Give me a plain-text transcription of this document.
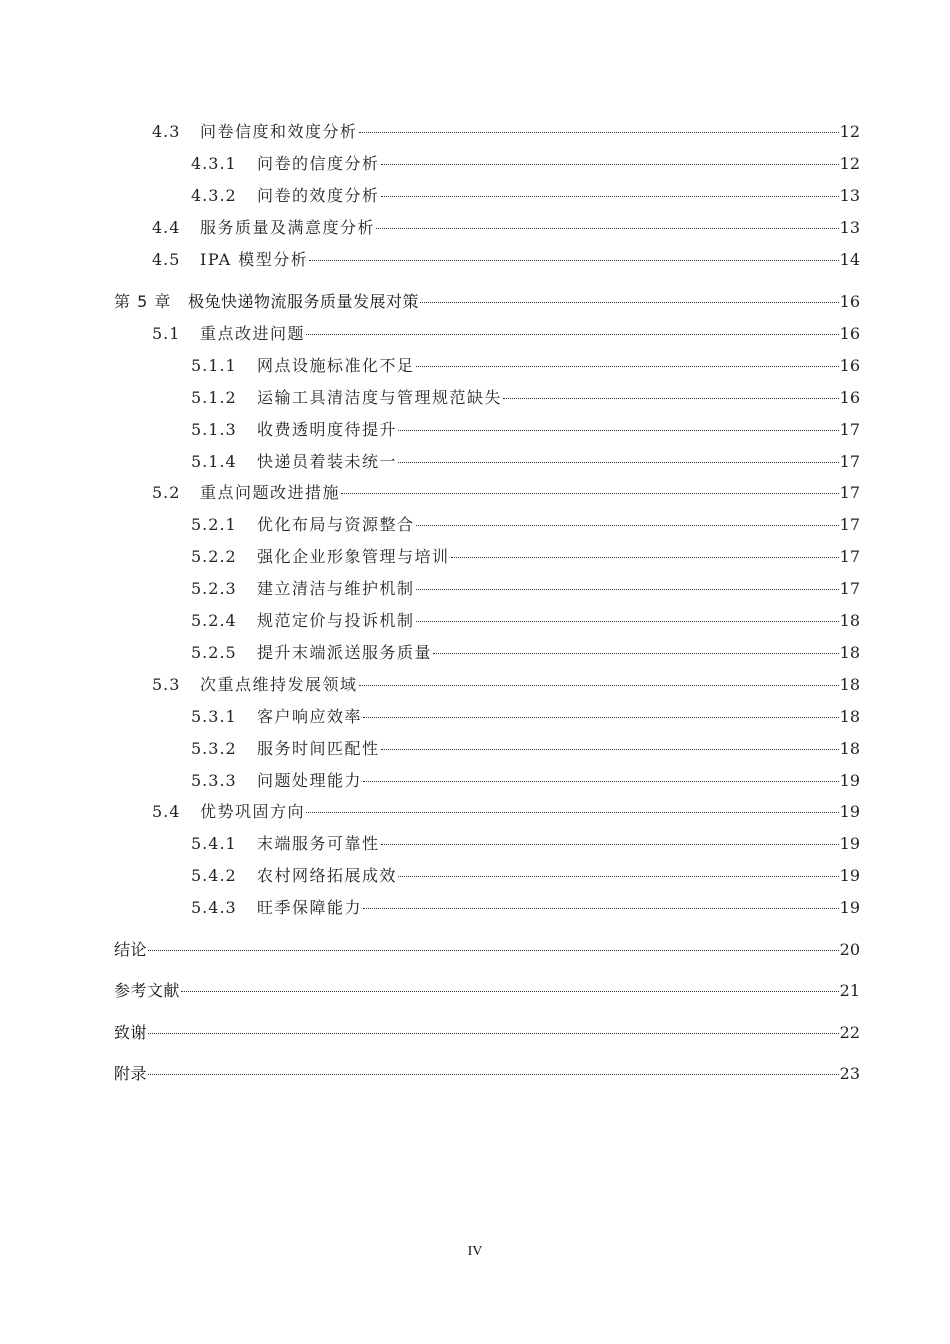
4.3	问卷信度和效度分析	12
4.3.1	问卷的信度分析	12
4.3.2	问卷的效度分析	13
4.4	服务质量及满意度分析	13
4.5	IPA 模型分析	14
第 5 章	极兔快递物流服务质量发展对策	16
5.1	重点改进问题	16
5.1.1	网点设施标准化不足	16
5.1.2	运输工具清洁度与管理规范缺失	16
5.1.3	收费透明度待提升	17
5.1.4	快递员着装未统一	17
5.2	重点问题改进措施	17
5.2.1	优化布局与资源整合	17
5.2.2	强化企业形象管理与培训	17
5.2.3	建立清洁与维护机制	17
5.2.4	规范定价与投诉机制	18
5.2.5	提升末端派送服务质量	18
5.3	次重点维持发展领域	18
5.3.1	客户响应效率	18
5.3.2	服务时间匹配性	18
5.3.3	问题处理能力	19
5.4	优势巩固方向	19
5.4.1	末端服务可靠性	19
5.4.2	农村网络拓展成效	19
5.4.3	旺季保障能力	19
结论	20
参考文献	21
致谢	22
附录	23
IV
